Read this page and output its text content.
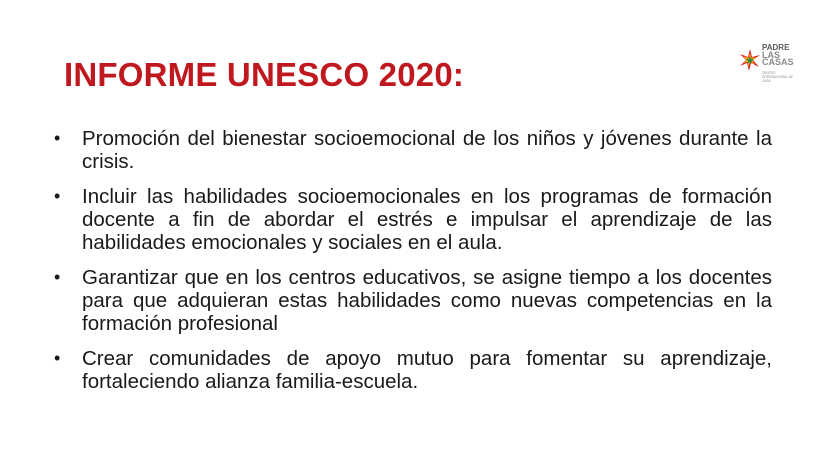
INFORME UNESCO 2020:
PADRE
LAS
CASAS
CENTRO INTERNACIONAL DE CASA
• Promoción del bienestar socioemocional de los niños y jóvenes durante la crisis.
• Incluir las habilidades socioemocionales en los programas de formación docente a fin de abordar el estrés e impulsar el aprendizaje de las habilidades emocionales y sociales en el aula.
• Garantizar que en los centros educativos, se asigne tiempo a los docentes para que adquieran estas habilidades como nuevas competencias en la formación profesional
• Crear comunidades de apoyo mutuo para fomentar su aprendizaje, fortaleciendo alianza familia-escuela.
